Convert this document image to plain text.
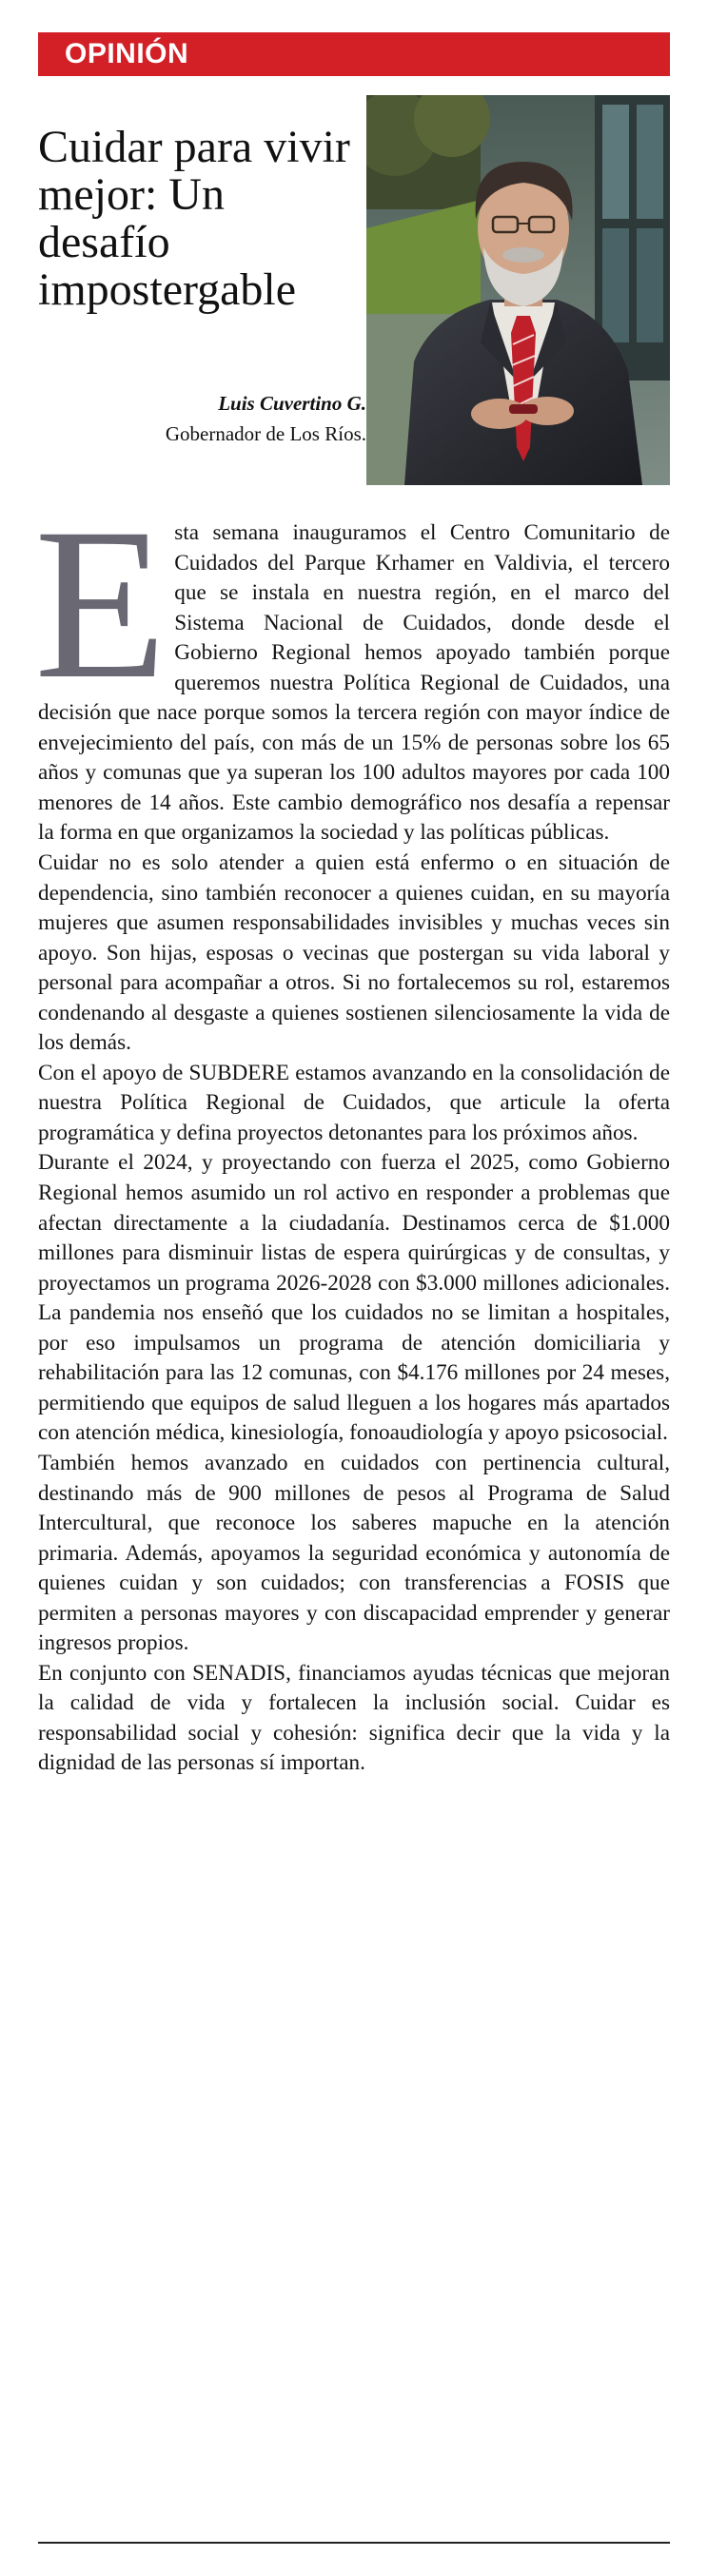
OPINIÓN
Cuidar para vivir mejor: Un desafío impostergable
Luis Cuvertino G.
Gobernador de Los Ríos.

Esta semana inauguramos el Centro Comunitario de Cuidados del Parque Krhamer en Valdivia, el tercero que se instala en nuestra región, en el marco del Sistema Nacional de Cuidados, donde desde el Gobierno Regional hemos apoyado también porque queremos nuestra Política Regional de Cuidados, una decisión que nace porque somos la tercera región con mayor índice de envejecimiento del país, con más de un 15% de personas sobre los 65 años y comunas que ya superan los 100 adultos mayores por cada 100 menores de 14 años. Este cambio demográfico nos desafía a repensar la forma en que organizamos la sociedad y las políticas públicas.

Cuidar no es solo atender a quien está enfermo o en situación de dependencia, sino también reconocer a quienes cuidan, en su mayoría mujeres que asumen responsabilidades invisibles y muchas veces sin apoyo. Son hijas, esposas o vecinas que postergan su vida laboral y personal para acompañar a otros. Si no fortalecemos su rol, estaremos condenando al desgaste a quienes sostienen silenciosamente la vida de los demás.

Con el apoyo de SUBDERE estamos avanzando en la consolidación de nuestra Política Regional de Cuidados, que articule la oferta programática y defina proyectos detonantes para los próximos años.

Durante el 2024, y proyectando con fuerza el 2025, como Gobierno Regional hemos asumido un rol activo en responder a problemas que afectan directamente a la ciudadanía. Destinamos cerca de $1.000 millones para disminuir listas de espera quirúrgicas y de consultas, y proyectamos un programa 2026-2028 con $3.000 millones adicionales. La pandemia nos enseñó que los cuidados no se limitan a hospitales, por eso impulsamos un programa de atención domiciliaria y rehabilitación para las 12 comunas, con $4.176 millones por 24 meses, permitiendo que equipos de salud lleguen a los hogares más apartados con atención médica, kinesiología, fonoaudiología y apoyo psicosocial.

También hemos avanzado en cuidados con pertinencia cultural, destinando más de 900 millones de pesos al Programa de Salud Intercultural, que reconoce los saberes mapuche en la atención primaria. Además, apoyamos la seguridad económica y autonomía de quienes cuidan y son cuidados; con transferencias a FOSIS que permiten a personas mayores y con discapacidad emprender y generar ingresos propios.

En conjunto con SENADIS, financiamos ayudas técnicas que mejoran la calidad de vida y fortalecen la inclusión social. Cuidar es responsabilidad social y cohesión: significa decir que la vida y la dignidad de las personas sí importan.
